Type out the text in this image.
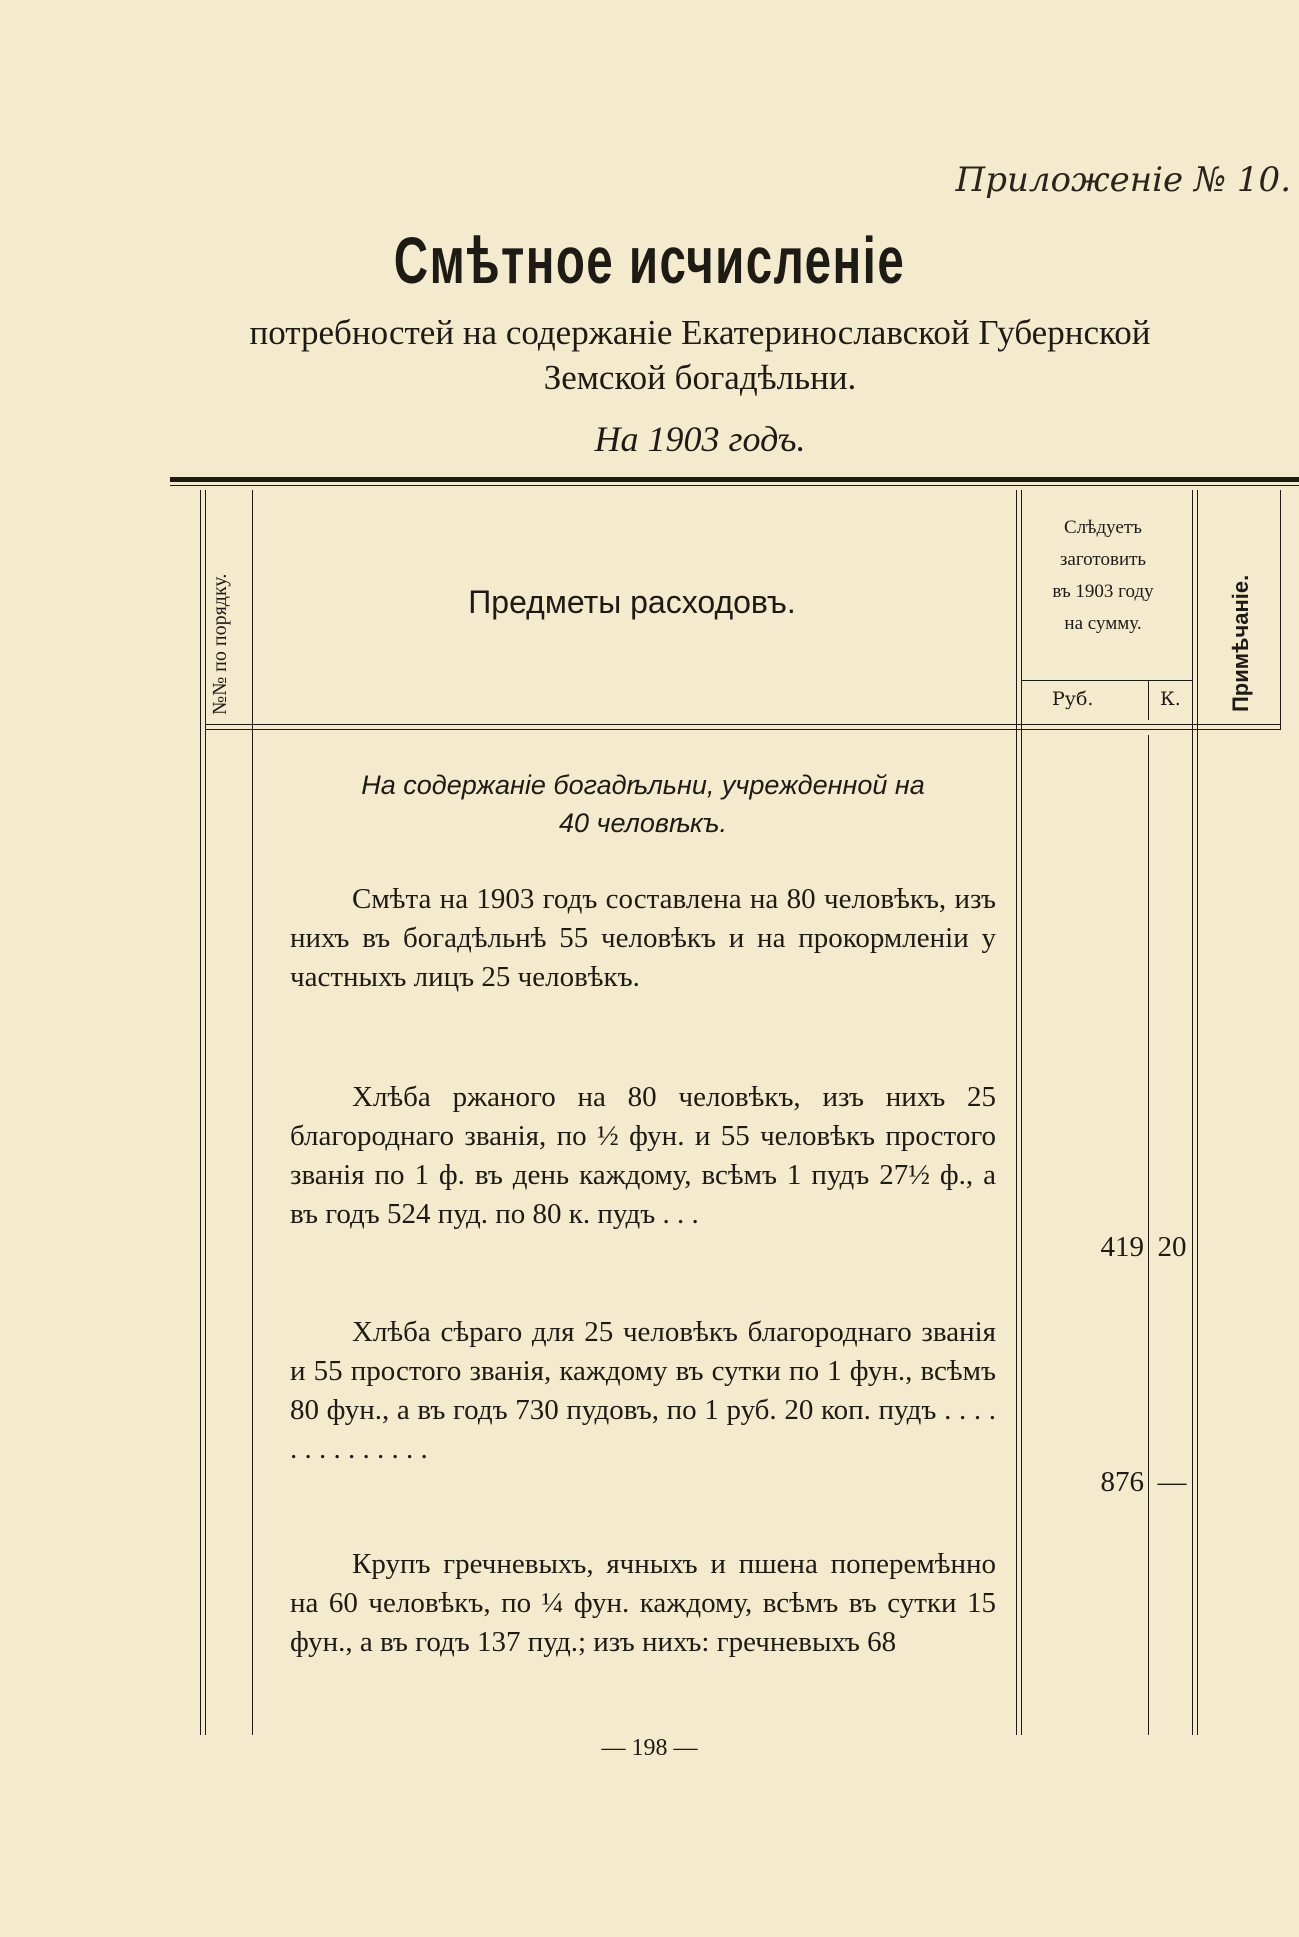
Приложеніе № 10.
Смѣтное исчисленіе
потребностей на содержаніе Екатеринославской Губернской
Земской богадѣльни.
На 1903 годъ.
№№ по порядку.	Предметы расходовъ.
Слѣдуетъ
заготовить
въ 1903 году
на сумму.
Руб.	К. Примѣчаніе.
На содержаніе богадѣльни, учрежденной на
40 человѣкъ.
Смѣта на 1903 годъ составлена на 80 человѣкъ, изъ нихъ въ богадѣльнѣ 55 человѣкъ и на прокормленіи у частныхъ лицъ 25 человѣкъ.
Хлѣба ржаного на 80 человѣкъ, изъ нихъ 25 благороднаго званія, по ½ фун. и 55 человѣкъ простого званія по 1 ф. въ день каждому, всѣмъ 1 пудъ 27½ ф., а въ годъ 524 пуд. по 80 к. пудъ . . .
Хлѣба сѣраго для 25 человѣкъ благороднаго званія и 55 простого званія, каждому въ сутки по 1 фун., всѣмъ 80 фун., а въ годъ 730 пудовъ, по 1 руб. 20 коп. пудъ . . . . . . . . . . . . . .
Крупъ гречневыхъ, ячныхъ и пшена поперемѣнно на 60 человѣкъ, по ¼ фун. каждому, всѣмъ въ сутки 15 фун., а въ годъ 137 пуд.; изъ нихъ: гречневыхъ 68
419 20
876 —
— 198 —
